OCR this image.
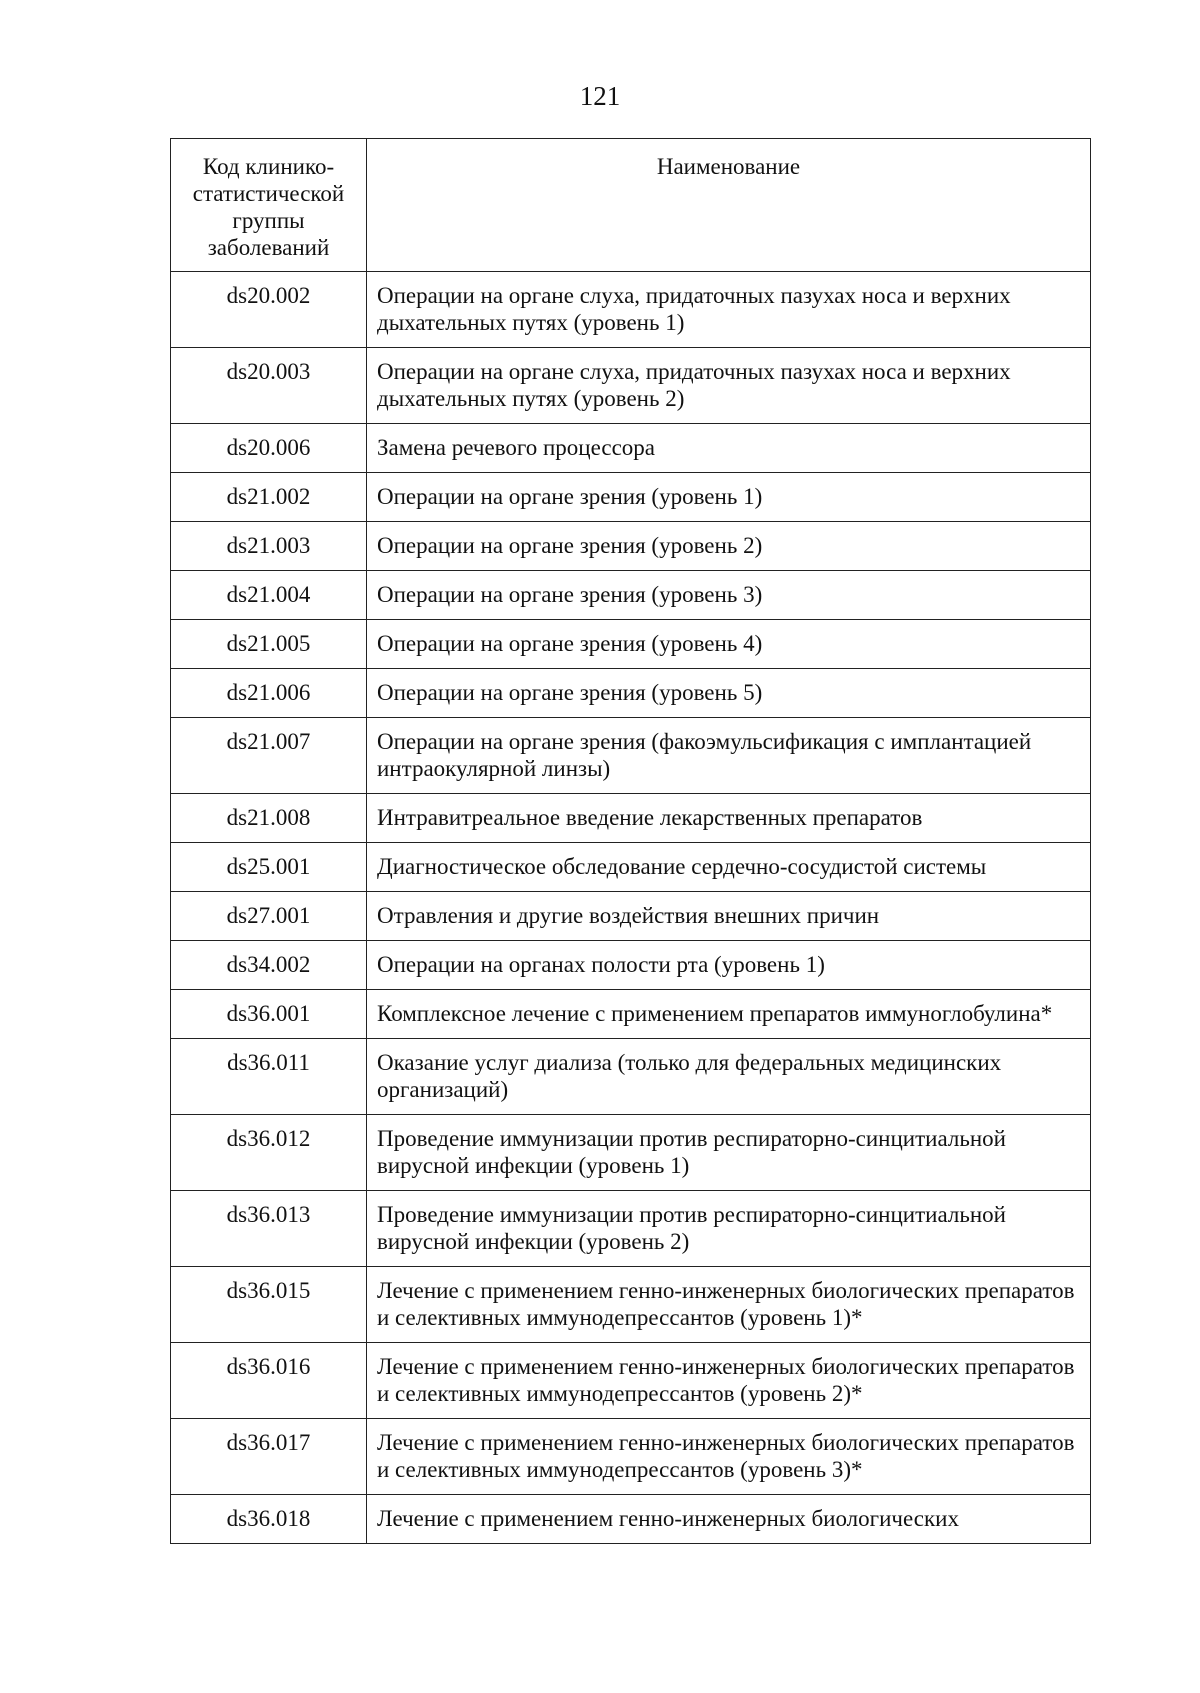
121
Код клинико-статистической группы заболеваний	Наименование
ds20.002	Операции на органе слуха, придаточных пазухах носа и верхних дыхательных путях (уровень 1)
ds20.003	Операции на органе слуха, придаточных пазухах носа и верхних дыхательных путях (уровень 2)
ds20.006	Замена речевого процессора
ds21.002	Операции на органе зрения (уровень 1)
ds21.003	Операции на органе зрения (уровень 2)
ds21.004	Операции на органе зрения (уровень 3)
ds21.005	Операции на органе зрения (уровень 4)
ds21.006	Операции на органе зрения (уровень 5)
ds21.007	Операции на органе зрения (факоэмульсификация с имплантацией интраокулярной линзы)
ds21.008	Интравитреальное введение лекарственных препаратов
ds25.001	Диагностическое обследование сердечно-сосудистой системы
ds27.001	Отравления и другие воздействия внешних причин
ds34.002	Операции на органах полости рта (уровень 1)
ds36.001	Комплексное лечение с применением препаратов иммуноглобулина*
ds36.011	Оказание услуг диализа (только для федеральных медицинских организаций)
ds36.012	Проведение иммунизации против респираторно-синцитиальной вирусной инфекции (уровень 1)
ds36.013	Проведение иммунизации против респираторно-синцитиальной вирусной инфекции (уровень 2)
ds36.015	Лечение с применением генно-инженерных биологических препаратов и селективных иммунодепрессантов (уровень 1)*
ds36.016	Лечение с применением генно-инженерных биологических препаратов и селективных иммунодепрессантов (уровень 2)*
ds36.017	Лечение с применением генно-инженерных биологических препаратов и селективных иммунодепрессантов (уровень 3)*
ds36.018	Лечение с применением генно-инженерных биологических
